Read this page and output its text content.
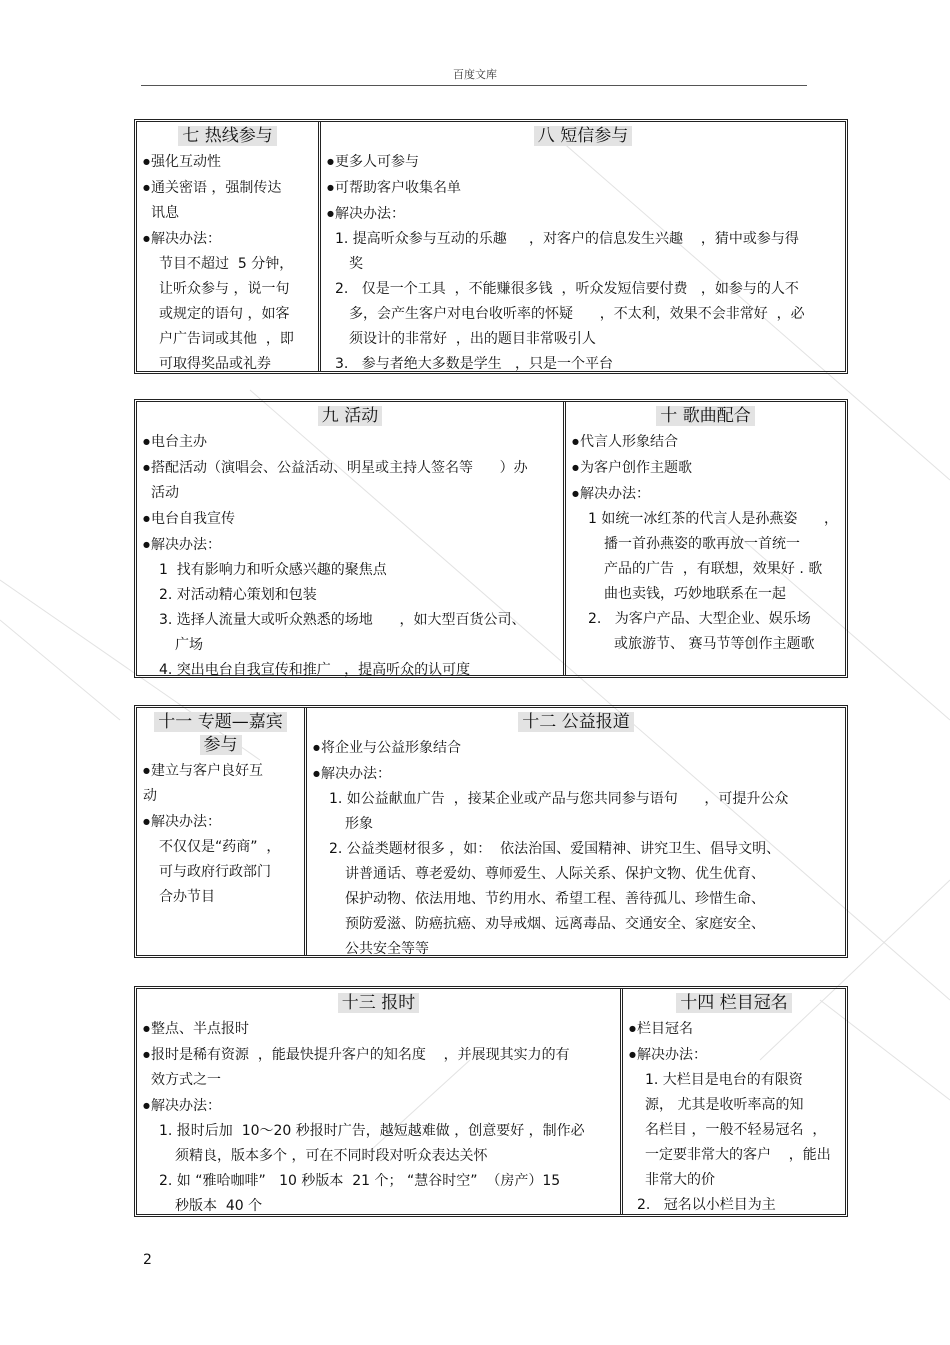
百度文库
七 热线参与
● 强化互动性
● 通关密语 ，强制传达
讯息
● 解决办法：
节目不超过  5 分钟，
让听众参与 ，说一句
或规定的语句 ，如客
户广告词或其他  ，即
可取得奖品或礼券
八 短信参与
● 更多人可参与
● 可帮助客户收集名单
● 解决办法：
1. 提高听众参与互动的乐趣     ，对客户的信息发生兴趣    ，猜中或参与得
奖
2.   仅是一个工具  ，不能赚很多钱  ，听众发短信要付费   ，如参与的人不
多，会产生客户对电台收听率的怀疑      ，不太利，效果不会非常好  ，必
须设计的非常好  ，出的题目非常吸引人
3.   参与者绝大多数是学生   ，只是一个平台
九 活动
● 电台主办
● 搭配活动（演唱会、公益活动、明星或主持人签名等      ）办
活动
● 电台自我宣传
● 解决办法：
1  找有影响力和听众感兴趣的聚焦点
2. 对活动精心策划和包装
3. 选择人流量大或听众熟悉的场地      ，如大型百货公司、
广场
4. 突出电台自我宣传和推广   ，提高听众的认可度
十 歌曲配合
● 代言人形象结合
● 为客户创作主题歌
● 解决办法：
1 如统一冰红茶的代言人是孙燕姿      ，
播一首孙燕姿的歌再放一首统一
产品的广告  ，有联想，效果好 . 歌
曲也卖钱，巧妙地联系在一起
2.   为客户产品、大型企业、娱乐场
或旅游节、 赛马节等创作主题歌
十一 专题—嘉宾
参与
● 建立与客户良好互
动
● 解决办法：
不仅仅是“药商”  ，
可与政府行政部门
合办节目
十二 公益报道
● 将企业与公益形象结合
● 解决办法：
1. 如公益献血广告  ，接某企业或产品与您共同参与语句      ，可提升公众
形象
2. 公益类题材很多 ，如：  依法治国、爱国精神、讲究卫生、倡导文明、
讲普通话、尊老爱幼、尊师爱生、人际关系、保护文物、优生优育、
保护动物、依法用地、节约用水、希望工程、善待孤儿、珍惜生命、
预防爱滋、防癌抗癌、劝导戒烟、远离毒品、交通安全、家庭安全、
公共安全等等
十三 报时
● 整点、半点报时
● 报时是稀有资源  ，能最快提升客户的知名度    ，并展现其实力的有
效方式之一
● 解决办法：
1. 报时后加  10～20 秒报时广告，越短越难做 ，创意要好 ，制作必
须精良，版本多个 ，可在不同时段对听众表达关怀
2. 如 “雅哈咖啡”   10 秒版本  21 个； “慧谷时空”  （房产）15
秒版本  40 个
十四 栏目冠名
● 栏目冠名
● 解决办法：
1. 大栏目是电台的有限资
源， 尤其是收听率高的知
名栏目 ，一般不轻易冠名  ，
一定要非常大的客户    ，能出
非常大的价
2.   冠名以小栏目为主
2
